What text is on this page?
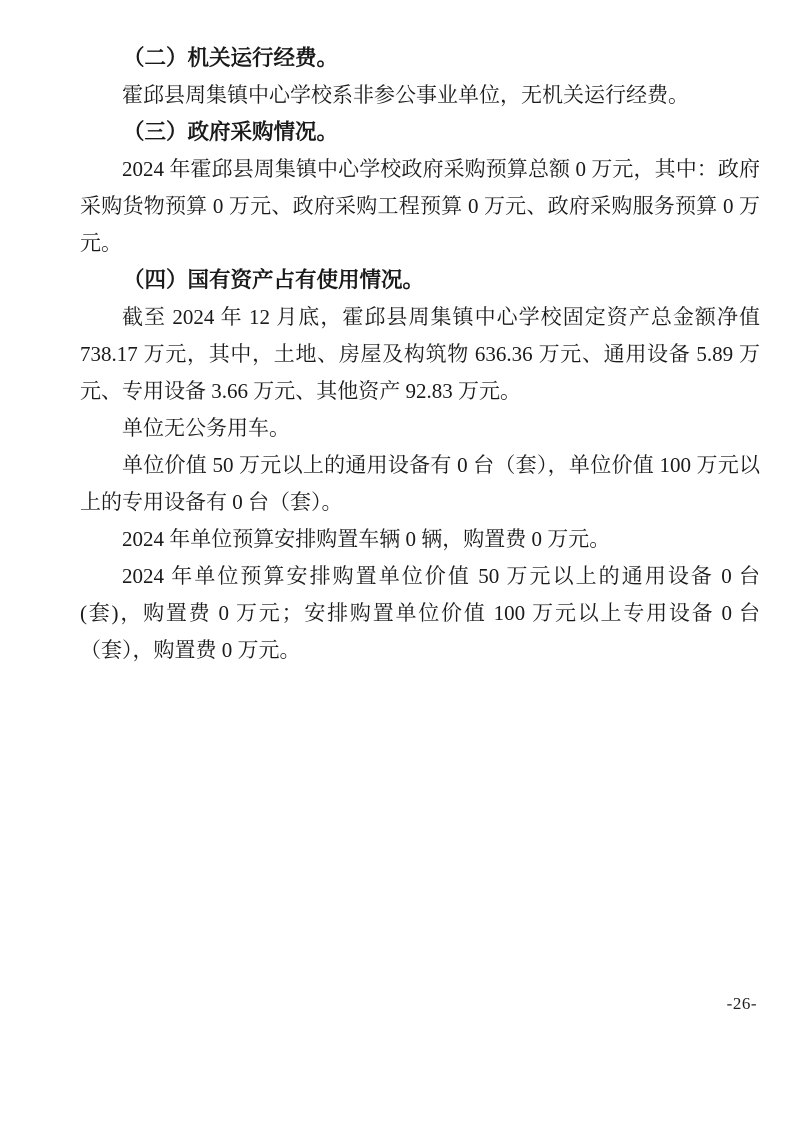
（二）机关运行经费。

霍邱县周集镇中心学校系非参公事业单位，无机关运行经费。

（三）政府采购情况。

2024 年霍邱县周集镇中心学校政府采购预算总额 0 万元，其中：政府采购货物预算 0 万元、政府采购工程预算 0 万元、政府采购服务预算 0 万元。

（四）国有资产占有使用情况。

截至 2024 年 12 月底，霍邱县周集镇中心学校固定资产总金额净值 738.17 万元，其中，土地、房屋及构筑物 636.36 万元、通用设备 5.89 万元、专用设备 3.66 万元、其他资产 92.83 万元。

单位无公务用车。

单位价值 50 万元以上的通用设备有 0 台（套），单位价值 100 万元以上的专用设备有 0 台（套）。

2024 年单位预算安排购置车辆 0 辆，购置费 0 万元。

2024 年单位预算安排购置单位价值 50 万元以上的通用设备 0 台(套)，购置费 0 万元；安排购置单位价值 100 万元以上专用设备 0 台（套），购置费 0 万元。

-26-
